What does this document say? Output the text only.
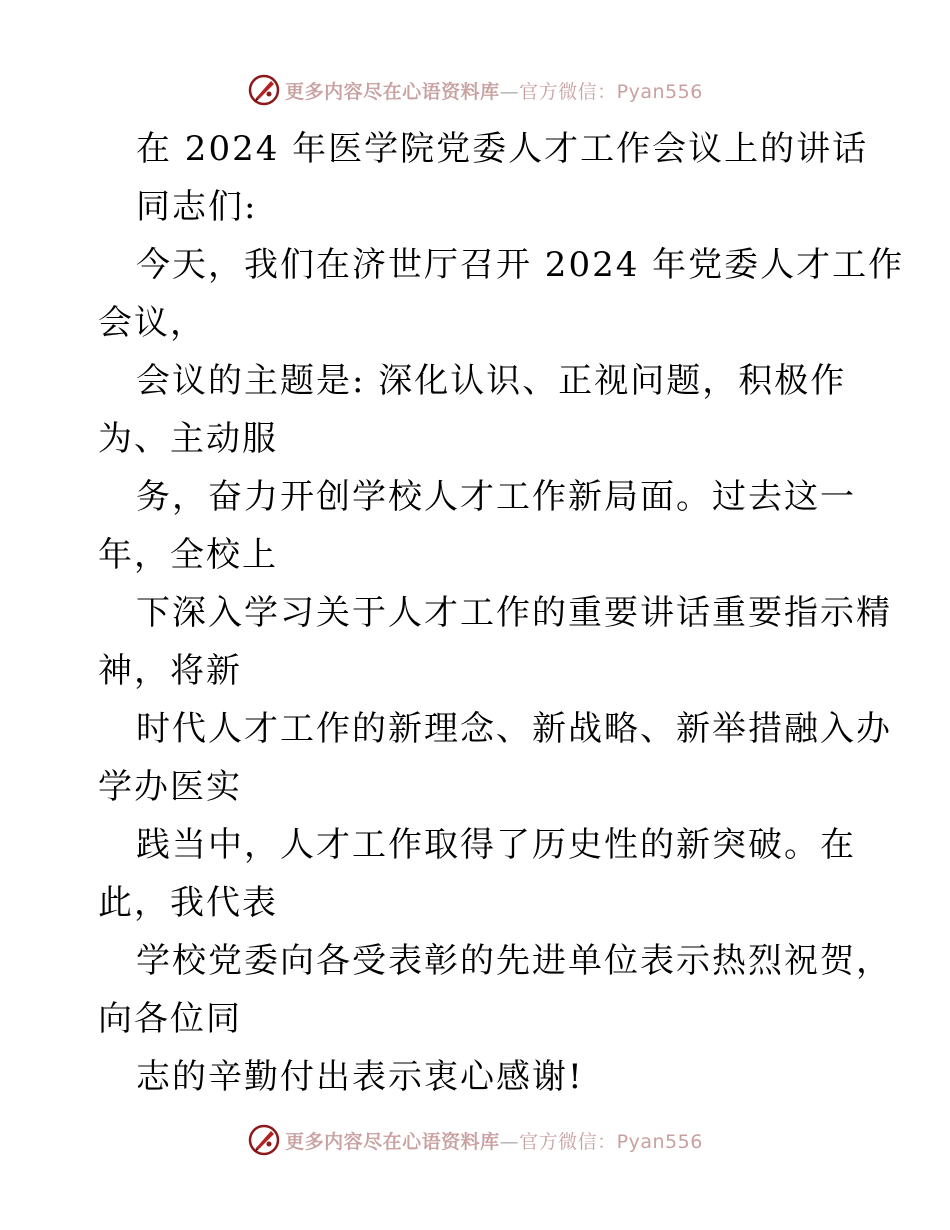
更多内容尽在心语资料库—官方微信：Pyan556
在 2024 年医学院党委人才工作会议上的讲话
同志们:
今天，我们在济世厅召开 2024 年党委人才工作
会议，
会议的主题是: 深化认识、正视问题，积极作
为、主动服
务，奋力开创学校人才工作新局面。过去这一
年，全校上
下深入学习关于人才工作的重要讲话重要指示精
神，将新
时代人才工作的新理念、新战略、新举措融入办
学办医实
践当中，人才工作取得了历史性的新突破。在
此，我代表
学校党委向各受表彰的先进单位表示热烈祝贺，
向各位同
志的辛勤付出表示衷心感谢!
更多内容尽在心语资料库—官方微信：Pyan556
